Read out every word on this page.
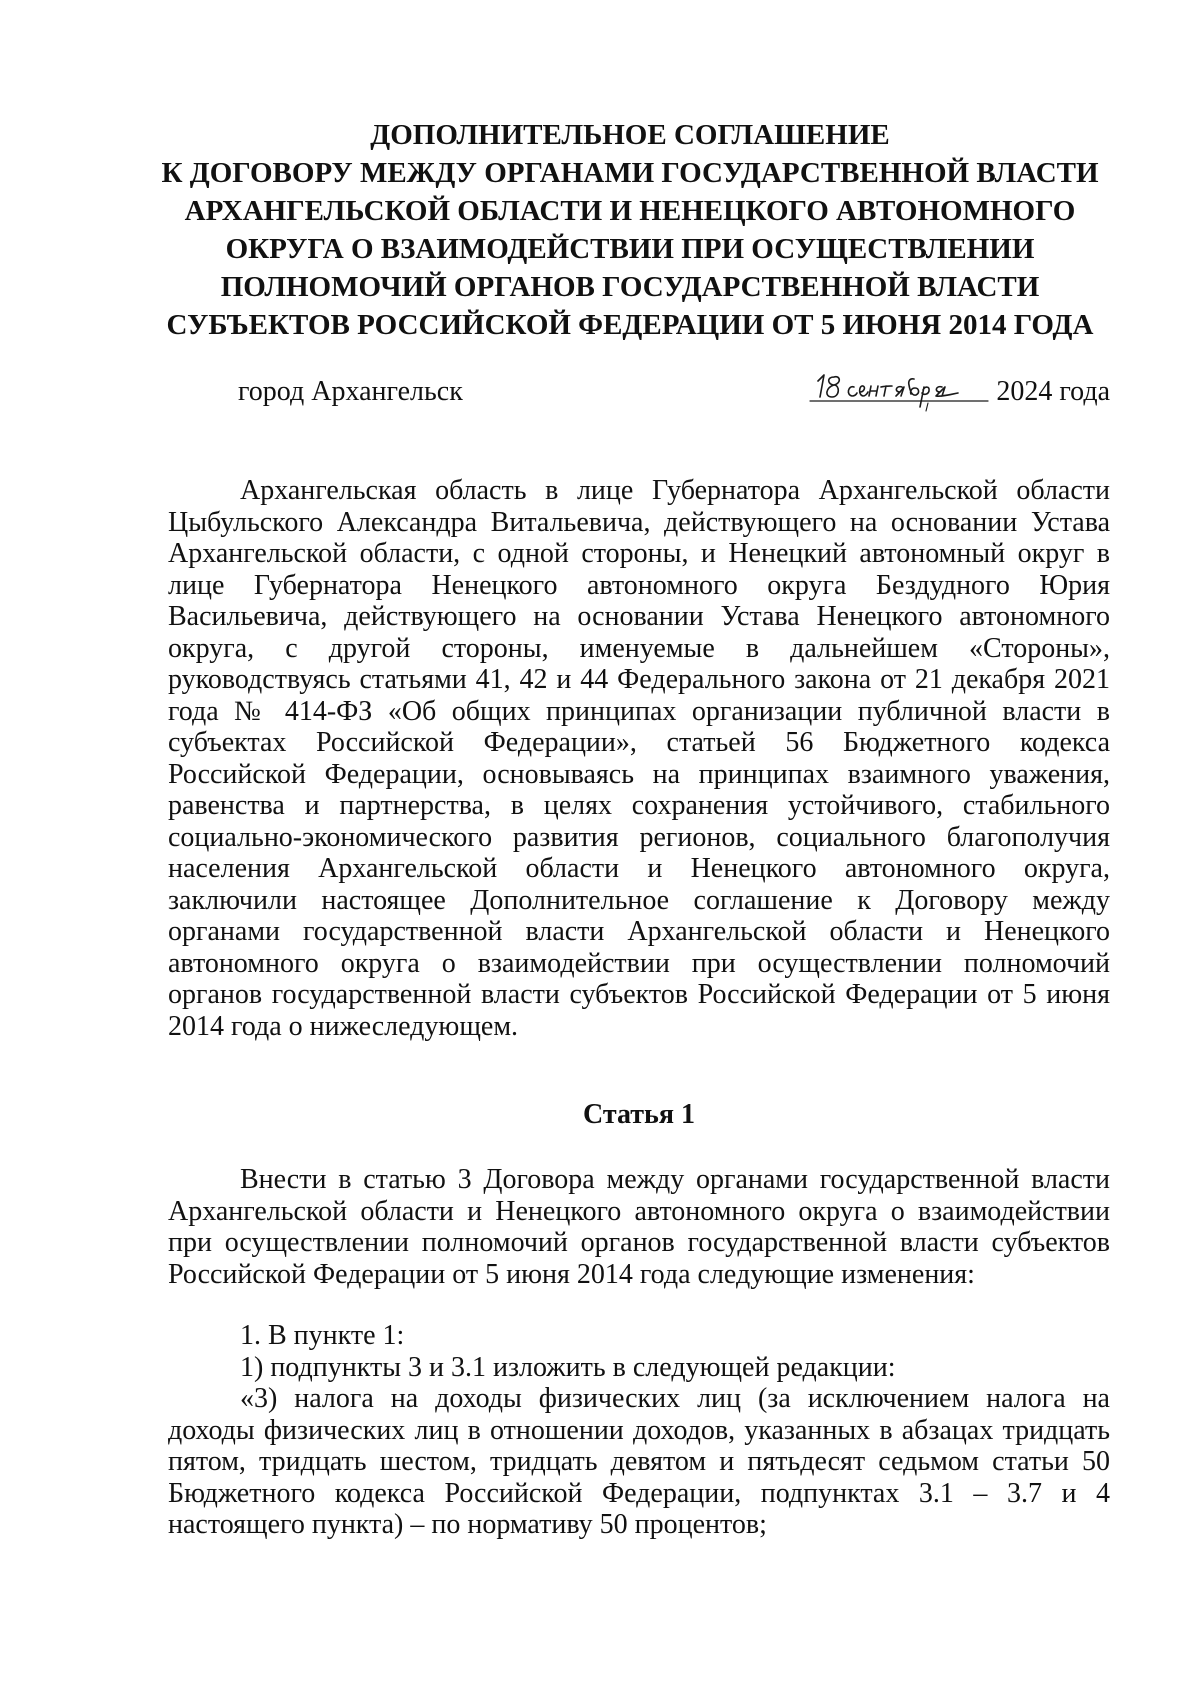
ДОПОЛНИТЕЛЬНОЕ СОГЛАШЕНИЕ
К ДОГОВОРУ МЕЖДУ ОРГАНАМИ ГОСУДАРСТВЕННОЙ ВЛАСТИ
АРХАНГЕЛЬСКОЙ ОБЛАСТИ И НЕНЕЦКОГО АВТОНОМНОГО
ОКРУГА О ВЗАИМОДЕЙСТВИИ ПРИ ОСУЩЕСТВЛЕНИИ
ПОЛНОМОЧИЙ ОРГАНОВ ГОСУДАРСТВЕННОЙ ВЛАСТИ
СУБЪЕКТОВ РОССИЙСКОЙ ФЕДЕРАЦИИ ОТ 5 ИЮНЯ 2014 ГОДА
город Архангельск	2024 года

Архангельская область в лице Губернатора Архангельской области Цыбульского Александра Витальевича, действующего на основании Устава Архангельской области, с одной стороны, и Ненецкий автономный округ в лице Губернатора Ненецкого автономного округа Бездудного Юрия Васильевича, действующего на основании Устава Ненецкого автономного округа, с другой стороны, именуемые в дальнейшем «Стороны», руководствуясь статьями 41, 42 и 44 Федерального закона от 21 декабря 2021 года № 414-ФЗ «Об общих принципах организации публичной власти в субъектах Российской Федерации», статьей 56 Бюджетного кодекса Российской Федерации, основываясь на принципах взаимного уважения, равенства и партнерства, в целях сохранения устойчивого, стабильного социально-экономического развития регионов, социального благополучия населения Архангельской области и Ненецкого автономного округа, заключили настоящее Дополнительное соглашение к Договору между органами государственной власти Архангельской области и Ненецкого автономного округа о взаимодействии при осуществлении полномочий органов государственной власти субъектов Российской Федерации от 5 июня 2014 года о нижеследующем.

Статья 1

Внести в статью 3 Договора между органами государственной власти Архангельской области и Ненецкого автономного округа о взаимодействии при осуществлении полномочий органов государственной власти субъектов Российской Федерации от 5 июня 2014 года следующие изменения:

1. В пункте 1:

1) подпункты 3 и 3.1 изложить в следующей редакции:

«3) налога на доходы физических лиц (за исключением налога на доходы физических лиц в отношении доходов, указанных в абзацах тридцать пятом, тридцать шестом, тридцать девятом и пятьдесят седьмом статьи 50 Бюджетного кодекса Российской Федерации, подпунктах 3.1 – 3.7 и 4 настоящего пункта) – по нормативу 50 процентов;
